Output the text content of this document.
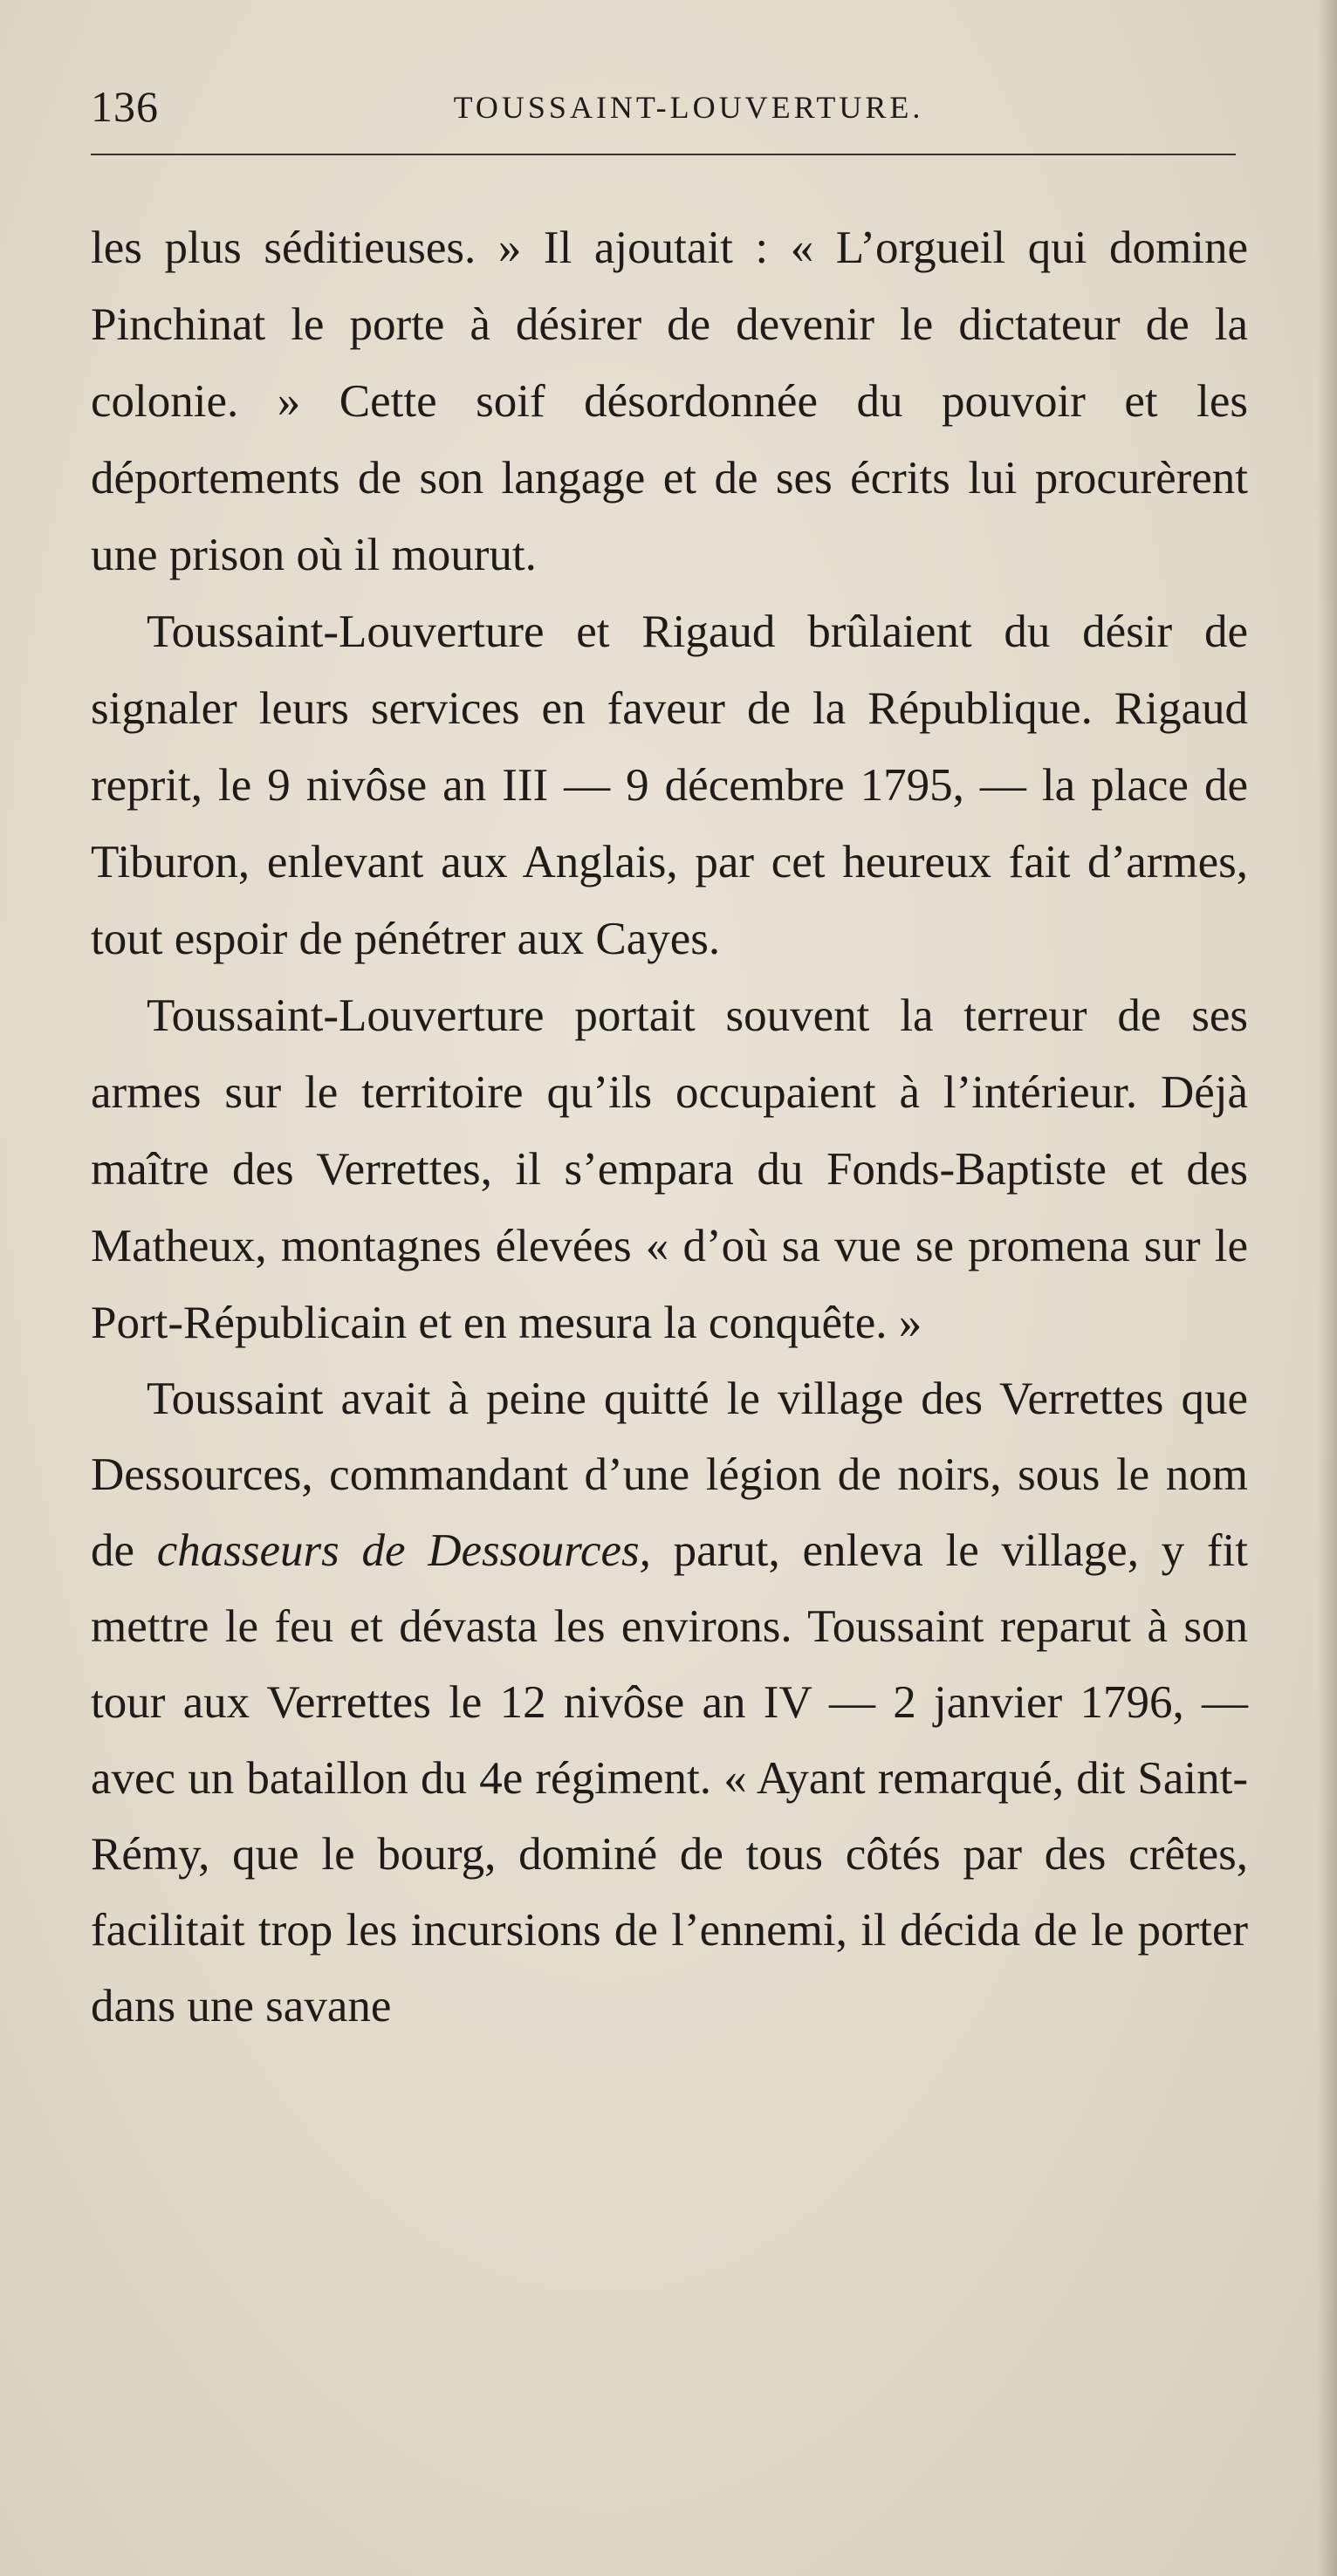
136	TOUSSAINT-LOUVERTURE.

les plus séditieuses. » Il ajoutait : « L’orgueil qui domine Pinchinat le porte à désirer de devenir le dictateur de la colonie. » Cette soif désordonnée du pouvoir et les déportements de son langage et de ses écrits lui procurèrent une prison où il mourut.

Toussaint-Louverture et Rigaud brûlaient du désir de signaler leurs services en faveur de la République. Rigaud reprit, le 9 nivôse an III — 9 décembre 1795, — la place de Tiburon, enlevant aux Anglais, par cet heureux fait d’armes, tout espoir de pénétrer aux Cayes.

Toussaint-Louverture portait souvent la terreur de ses armes sur le territoire qu’ils occupaient à l’intérieur. Déjà maître des Verrettes, il s’empara du Fonds-Baptiste et des Matheux, montagnes élevées « d’où sa vue se promena sur le Port-Républicain et en mesura la conquête. »

Toussaint avait à peine quitté le village des Verrettes que Dessources, commandant d’une légion de noirs, sous le nom de chasseurs de Dessources, parut, enleva le village, y fit mettre le feu et dévasta les environs. Toussaint reparut à son tour aux Verrettes le 12 nivôse an IV — 2 janvier 1796, — avec un bataillon du 4e régiment. « Ayant remarqué, dit Saint-Rémy, que le bourg, dominé de tous côtés par des crêtes, facilitait trop les incursions de l’ennemi, il décida de le porter dans une savane
